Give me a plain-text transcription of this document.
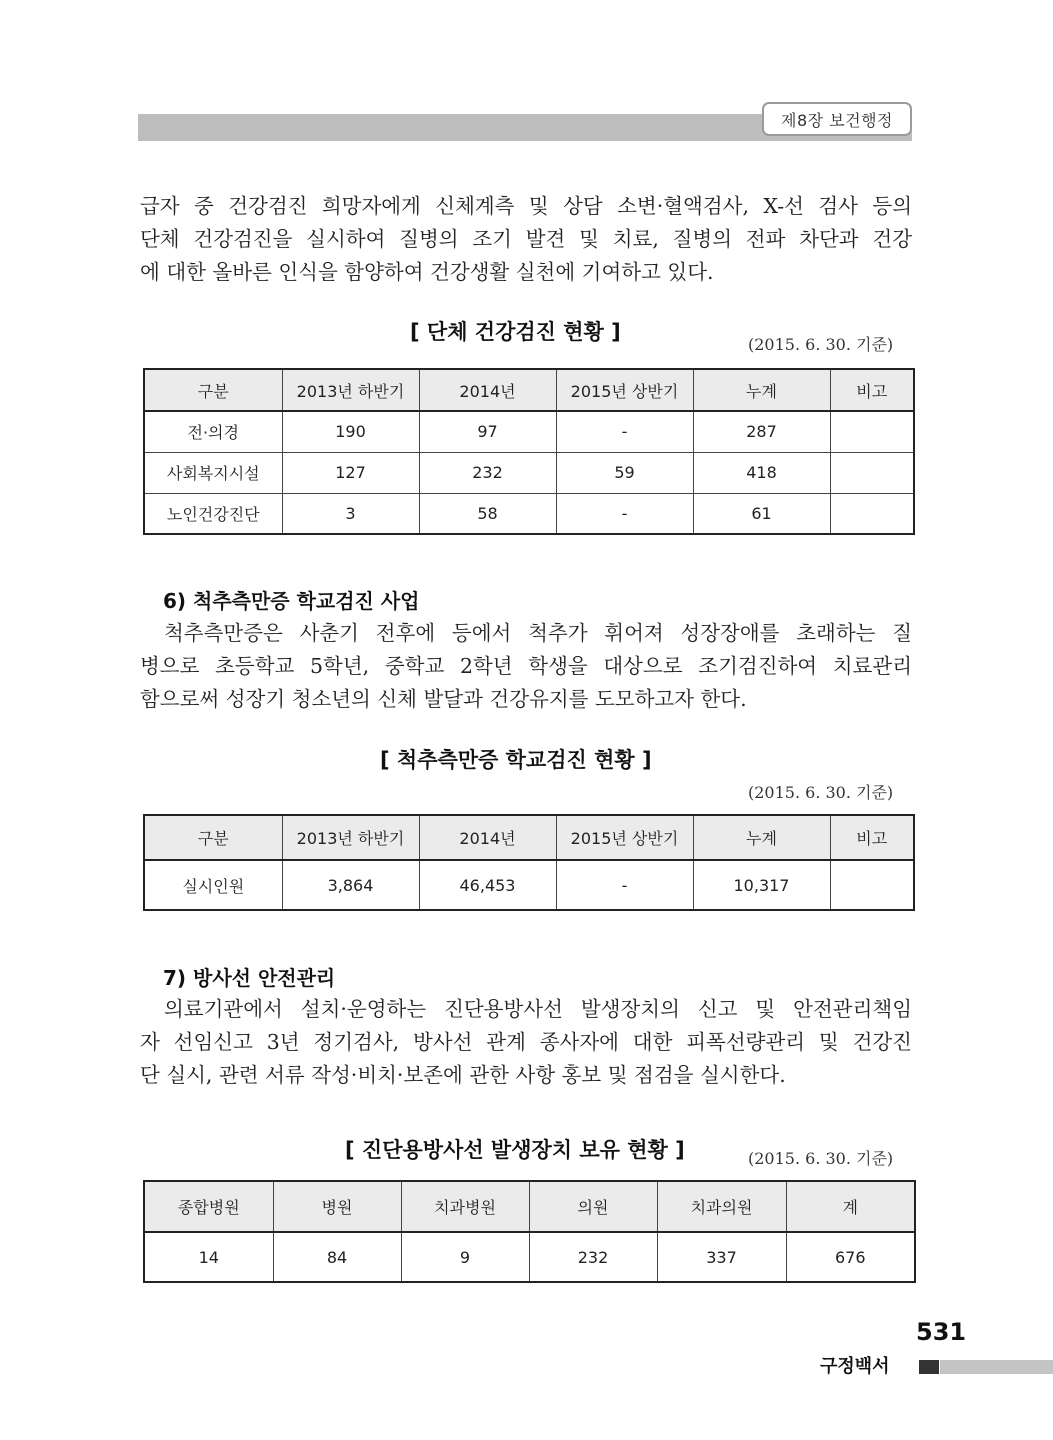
제8장 보건행정
급자 중 건강검진 희망자에게 신체계측 및 상담 소변·혈액검사, X-선 검사 등의
단체 건강검진을 실시하여 질병의 조기 발견 및 치료, 질병의 전파 차단과 건강
에 대한 올바른 인식을 함양하여 건강생활 실천에 기여하고 있다.
[ 단체 건강검진 현황 ]
(2015. 6. 30. 기준)
구분	2013년 하반기	2014년	2015년 상반기	누계	비고
전·의경	190	97	-	287	
사회복지시설	127	232	59	418	
노인건강진단	3	58	-	61	
6) 척추측만증 학교검진 사업
척추측만증은 사춘기 전후에 등에서 척추가 휘어져 성장장애를 초래하는 질
병으로 초등학교 5학년, 중학교 2학년 학생을 대상으로 조기검진하여 치료관리
함으로써 성장기 청소년의 신체 발달과 건강유지를 도모하고자 한다.
[ 척추측만증 학교검진 현황 ]
(2015. 6. 30. 기준)
구분	2013년 하반기	2014년	2015년 상반기	누계	비고
실시인원	3,864	46,453	-	10,317	
7) 방사선 안전관리
의료기관에서 설치·운영하는 진단용방사선 발생장치의 신고 및 안전관리책임
자 선임신고 3년 정기검사, 방사선 관계 종사자에 대한 피폭선량관리 및 건강진
단 실시, 관련 서류 작성·비치·보존에 관한 사항 홍보 및 점검을 실시한다.
[ 진단용방사선 발생장치 보유 현황 ]	(2015. 6. 30. 기준)
종합병원	병원	치과병원	의원	치과의원	계
14	84	9	232	337	676
531
구정백서
